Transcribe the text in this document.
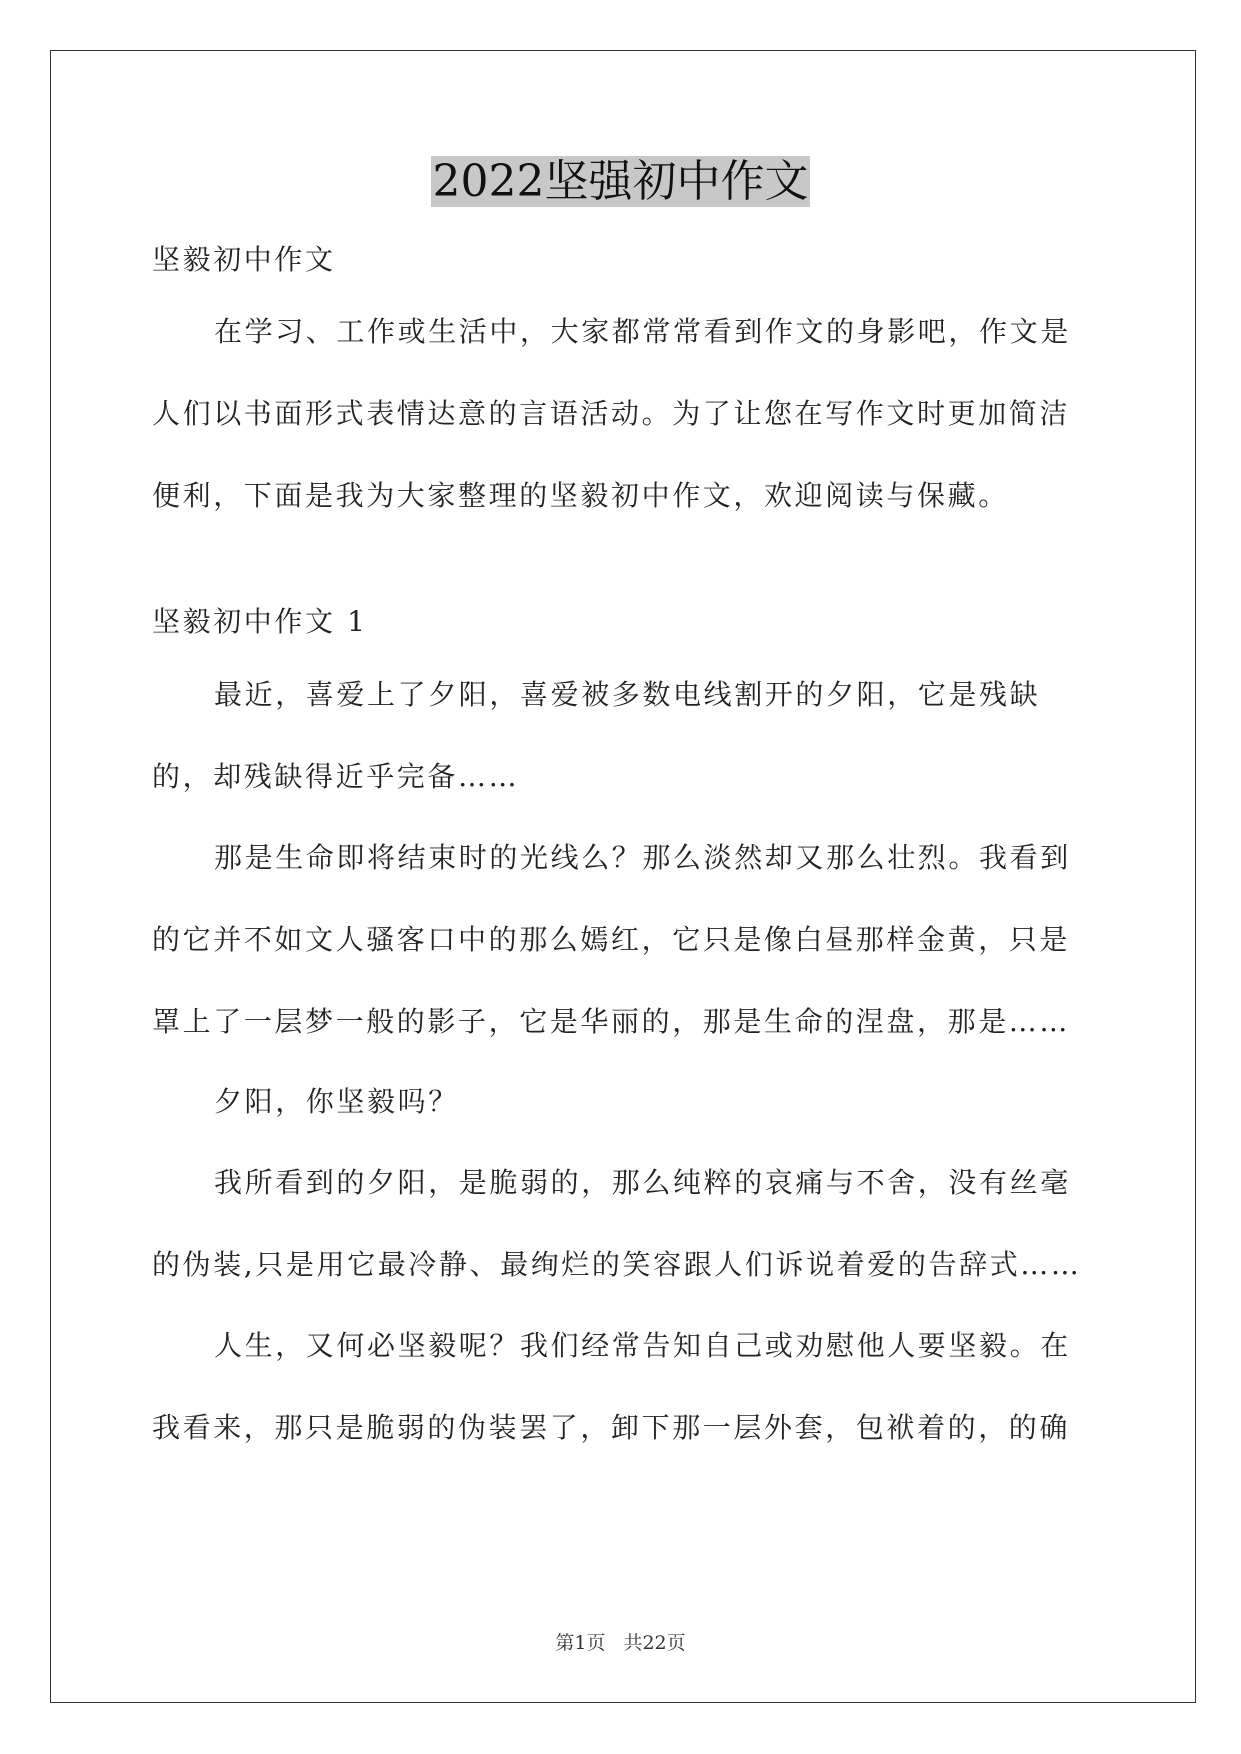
2022坚强初中作文

坚毅初中作文

在学习、工作或生活中，大家都常常看到作文的身影吧，作文是人们以书面形式表情达意的言语活动。为了让您在写作文时更加简洁便利，下面是我为大家整理的坚毅初中作文，欢迎阅读与保藏。

坚毅初中作文 1

最近，喜爱上了夕阳，喜爱被多数电线割开的夕阳，它是残缺的，却残缺得近乎完备……

那是生命即将结束时的光线么？那么淡然却又那么壮烈。我看到的它并不如文人骚客口中的那么嫣红，它只是像白昼那样金黄，只是罩上了一层梦一般的影子，它是华丽的，那是生命的涅盘，那是……

夕阳，你坚毅吗？

我所看到的夕阳，是脆弱的，那么纯粹的哀痛与不舍，没有丝毫的伪装,只是用它最冷静、最绚烂的笑容跟人们诉说着爱的告辞式……

人生，又何必坚毅呢？我们经常告知自己或劝慰他人要坚毅。在我看来，那只是脆弱的伪装罢了，卸下那一层外套，包袱着的，的确

第1页 共22页
